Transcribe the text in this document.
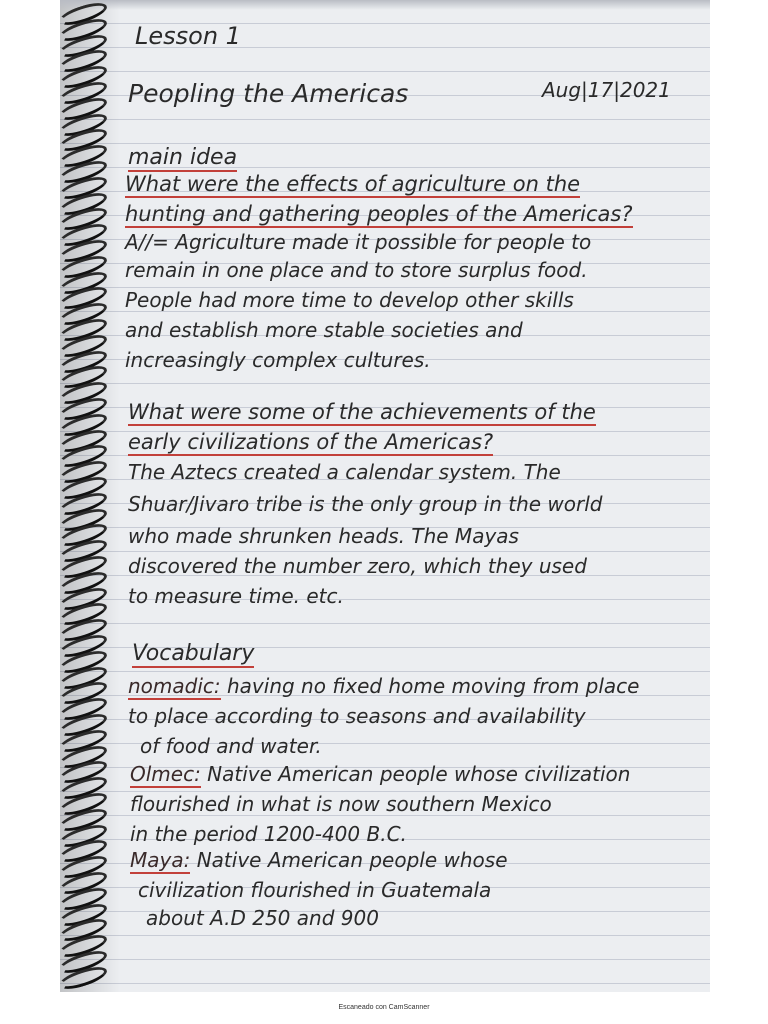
Lesson 1
Peopling the Americas	Aug|17|2021
main idea
What were the effects of agriculture on the
hunting and gathering peoples of the Americas?
A//= Agriculture made it possible for people to
remain in one place and to store surplus food.
People had more time to develop other skills
and establish more stable societies and
increasingly complex cultures.
What were some of the achievements of the
early civilizations of the Americas?
The Aztecs created a calendar system. The
Shuar/Jivaro tribe is the only group in the world
who made shrunken heads. The Mayas
discovered the number zero, which they used
to measure time. etc.
Vocabulary
nomadic: having no fixed home moving from place
to place according to seasons and availability
of food and water.
Olmec: Native American people whose civilization
flourished in what is now southern Mexico
in the period 1200-400 B.C.
Maya: Native American people whose
civilization flourished in Guatemala
about A.D 250 and 900
Escaneado con CamScanner
